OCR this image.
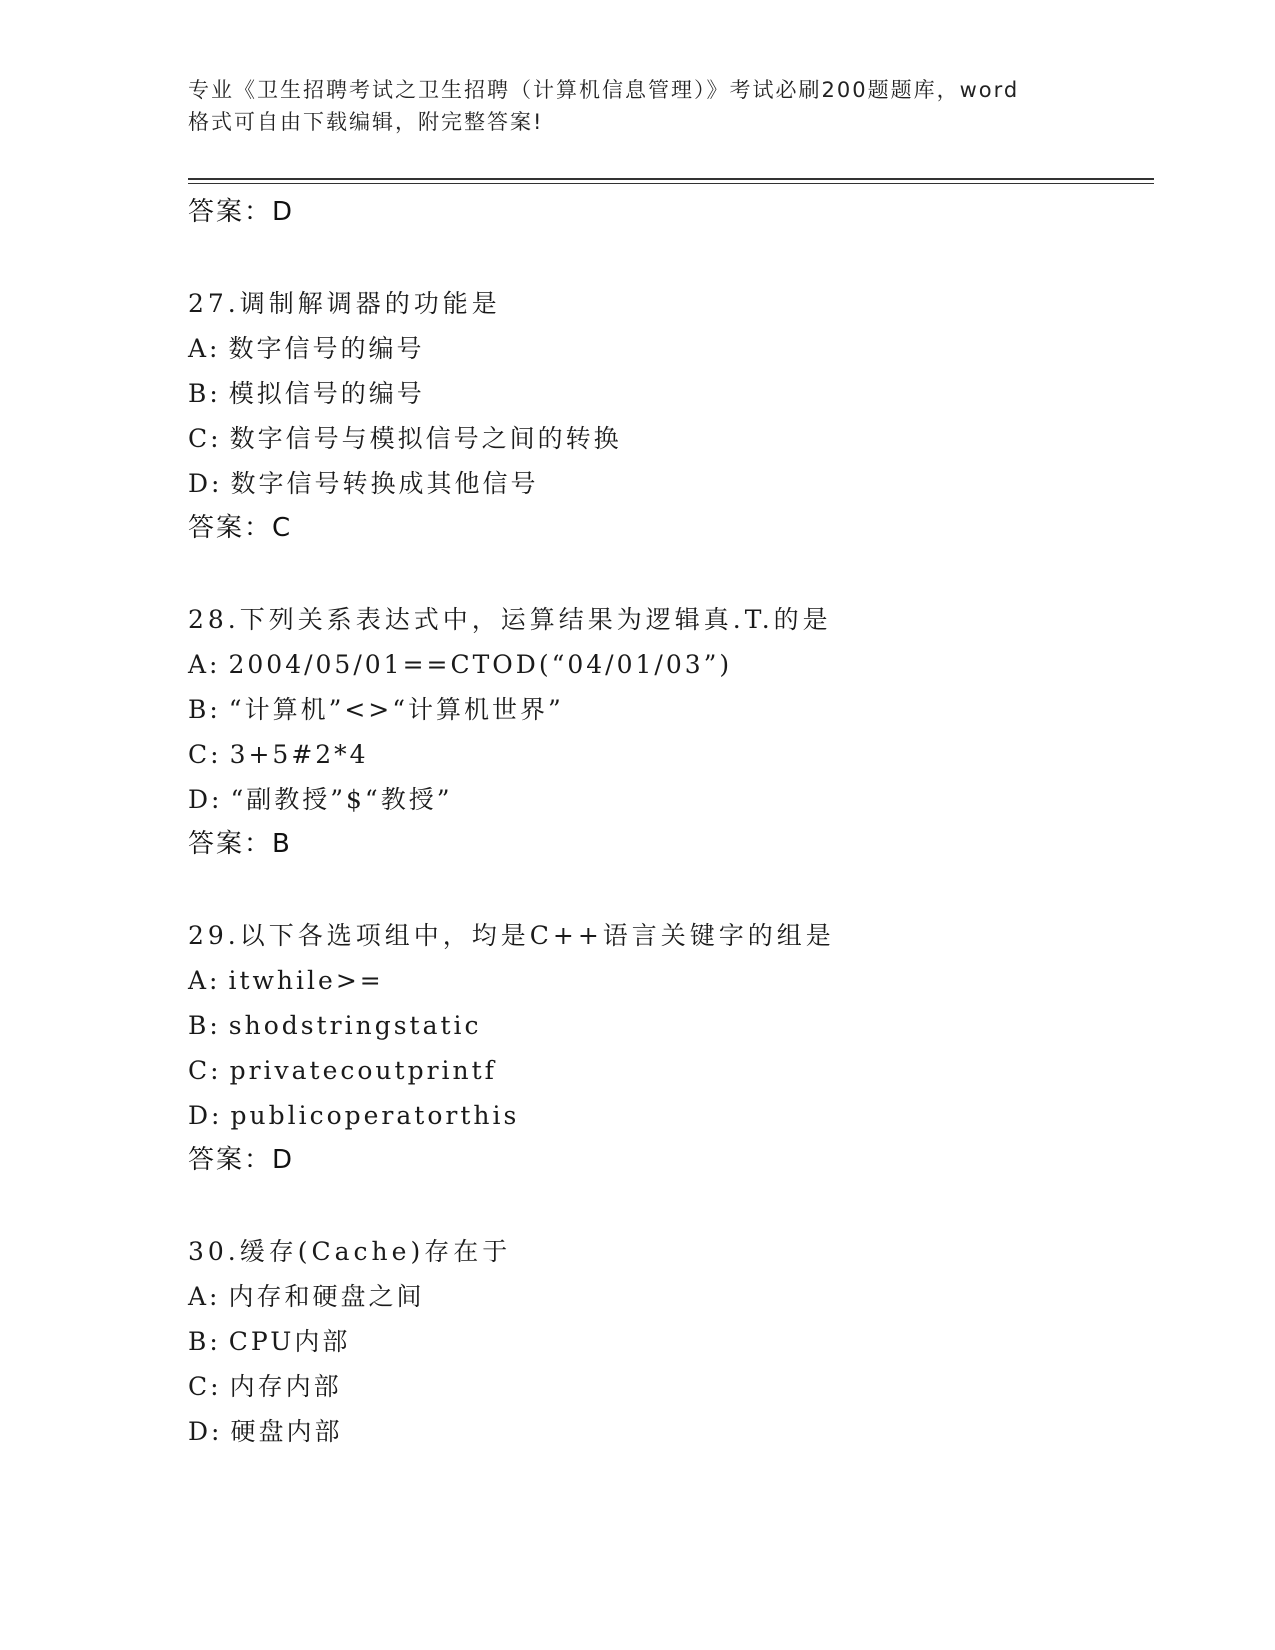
专业《卫生招聘考试之卫生招聘（计算机信息管理）》考试必刷200题题库，word
格式可自由下载编辑，附完整答案!
答案：D
27.调制解调器的功能是
A: 数字信号的编号
B: 模拟信号的编号
C: 数字信号与模拟信号之间的转换
D: 数字信号转换成其他信号
答案：C
28.下列关系表达式中，运算结果为逻辑真.T.的是
A: 2004/05/01==CTOD(“04/01/03”)
B: “计算机”<>“计算机世界”
C: 3+5#2*4
D: “副教授”$“教授”
答案：B
29.以下各选项组中，均是C++语言关键字的组是
A: itwhile>=
B: shodstringstatic
C: privatecoutprintf
D: publicoperatorthis
答案：D
30.缓存(Cache)存在于
A: 内存和硬盘之间
B: CPU内部
C: 内存内部
D: 硬盘内部
